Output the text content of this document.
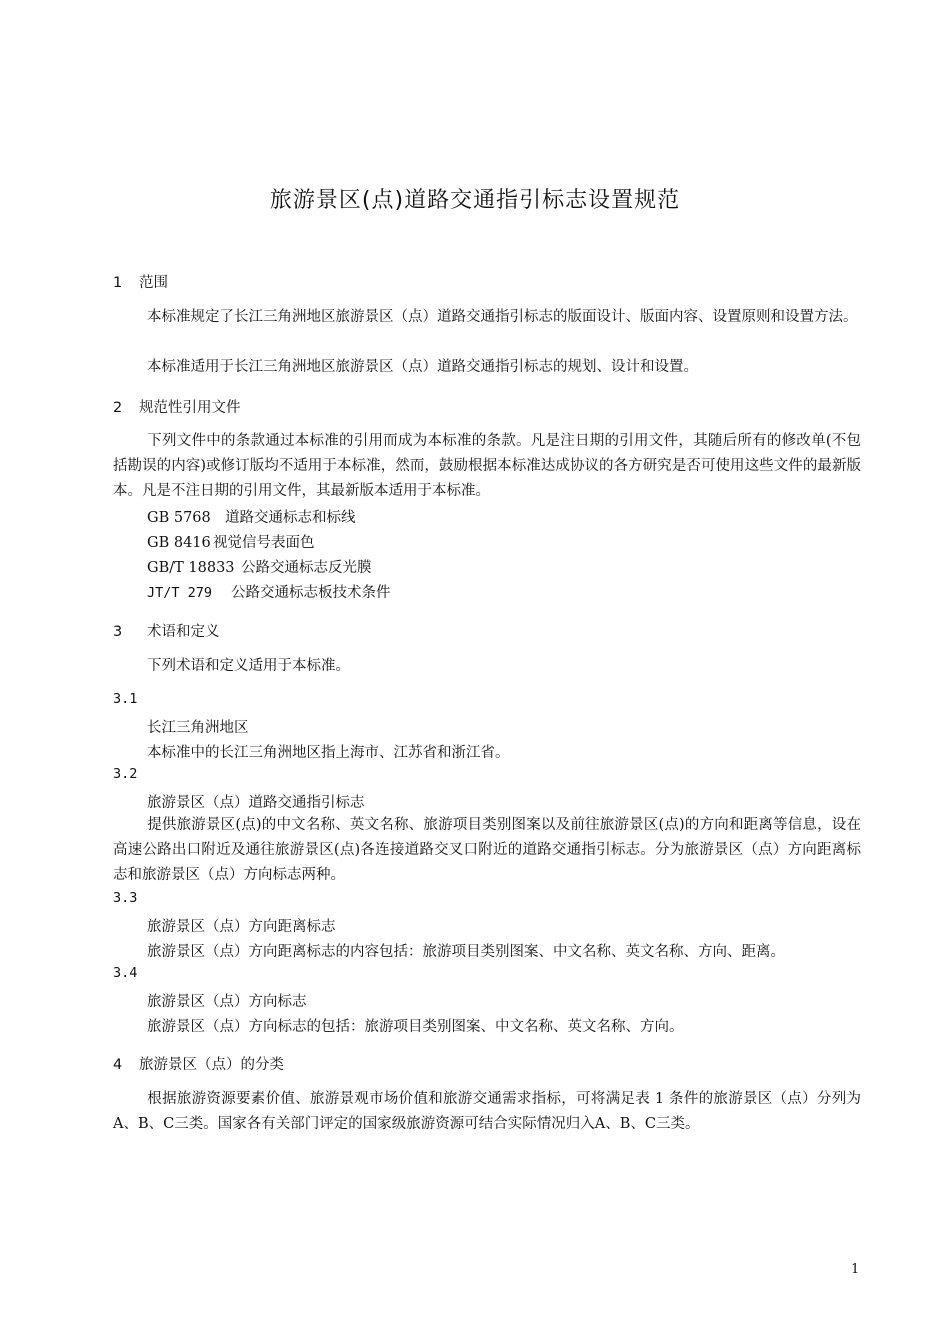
旅游景区(点)道路交通指引标志设置规范
1 范围
本标准规定了长江三角洲地区旅游景区（点）道路交通指引标志的版面设计、版面内容、设置原则和设置方法。
本标准适用于长江三角洲地区旅游景区（点）道路交通指引标志的规划、设计和设置。
2 规范性引用文件
下列文件中的条款通过本标准的引用而成为本标准的条款。凡是注日期的引用文件，其随后所有的修改单(不包括勘误的内容)或修订版均不适用于本标准，然而，鼓励根据本标准达成协议的各方研究是否可使用这些文件的最新版本。凡是不注日期的引用文件，其最新版本适用于本标准。
GB 5768 道路交通标志和标线
GB 8416 视觉信号表面色
GB/T 18833 公路交通标志反光膜
JT/T 279 公路交通标志板技术条件
3 术语和定义
下列术语和定义适用于本标准。
3.1
长江三角洲地区
本标准中的长江三角洲地区指上海市、江苏省和浙江省。
3.2
旅游景区（点）道路交通指引标志
提供旅游景区(点)的中文名称、英文名称、旅游项目类别图案以及前往旅游景区(点)的方向和距离等信息，设在高速公路出口附近及通往旅游景区(点)各连接道路交叉口附近的道路交通指引标志。分为旅游景区（点）方向距离标志和旅游景区（点）方向标志两种。
3.3
旅游景区（点）方向距离标志
旅游景区（点）方向距离标志的内容包括：旅游项目类别图案、中文名称、英文名称、方向、距离。
3.4
旅游景区（点）方向标志
旅游景区（点）方向标志的包括：旅游项目类别图案、中文名称、英文名称、方向。
4 旅游景区（点）的分类
根据旅游资源要素价值、旅游景观市场价值和旅游交通需求指标，可将满足表 1 条件的旅游景区（点）分列为A、B、C三类。国家各有关部门评定的国家级旅游资源可结合实际情况归入A、B、C三类。
1
